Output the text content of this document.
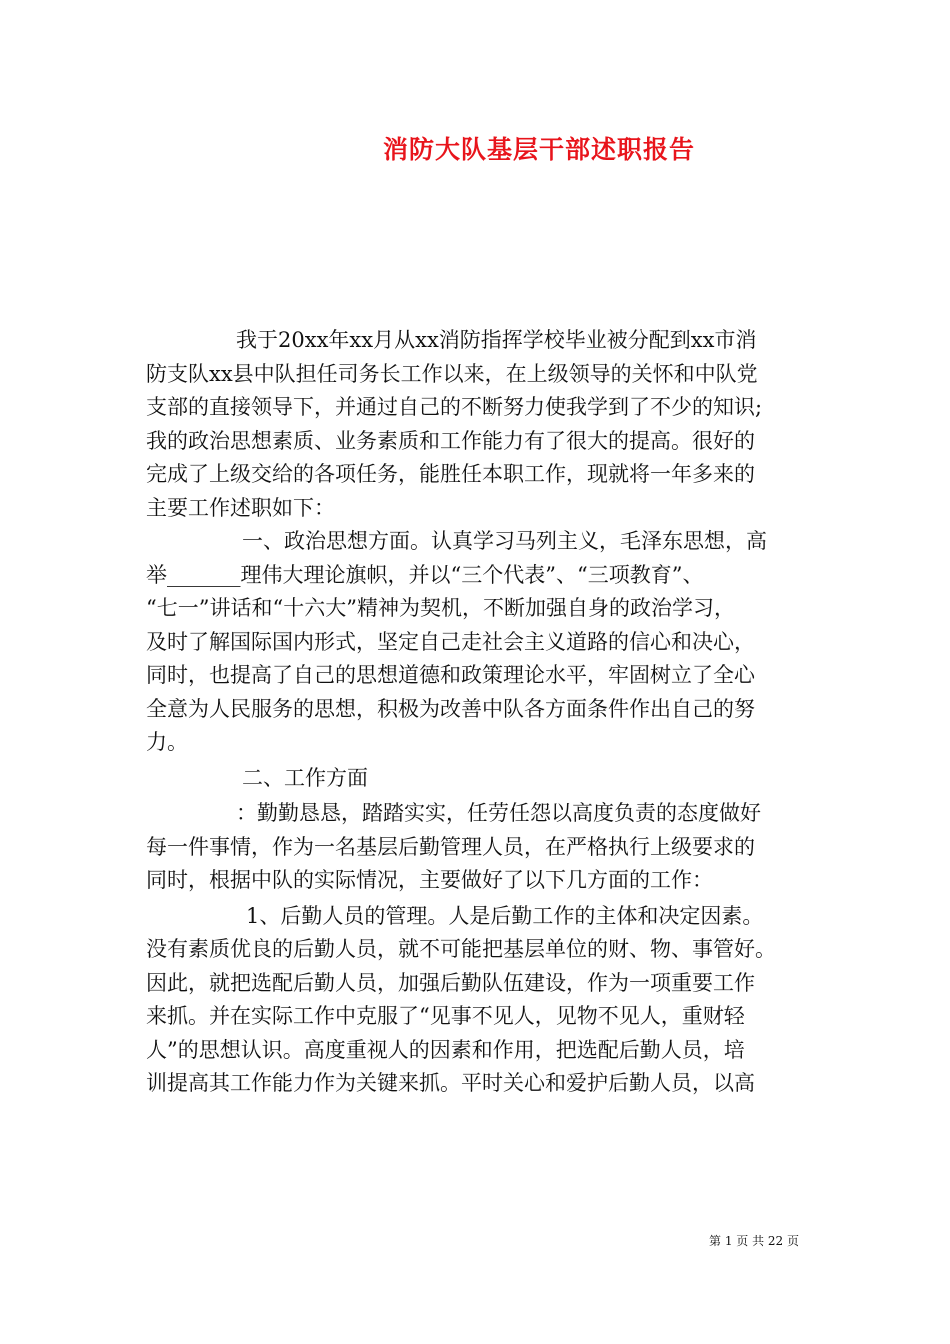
消防大队基层干部述职报告
我于20xx年xx月从xx消防指挥学校毕业被分配到xx市消
防支队xx县中队担任司务长工作以来，在上级领导的关怀和中队党
支部的直接领导下，并通过自己的不断努力使我学到了不少的知识;
我的政治思想素质、业务素质和工作能力有了很大的提高。很好的
完成了上级交给的各项任务，能胜任本职工作，现就将一年多来的
主要工作述职如下：
一、政治思想方面。认真学习马列主义，毛泽东思想，高
举_______理伟大理论旗帜，并以“三个代表”、“三项教育”、
“七一”讲话和“十六大”精神为契机，不断加强自身的政治学习，
及时了解国际国内形式，坚定自己走社会主义道路的信心和决心，
同时，也提高了自己的思想道德和政策理论水平，牢固树立了全心
全意为人民服务的思想，积极为改善中队各方面条件作出自己的努
力。
二、工作方面
：勤勤恳恳，踏踏实实，任劳任怨以高度负责的态度做好
每一件事情，作为一名基层后勤管理人员，在严格执行上级要求的
同时，根据中队的实际情况，主要做好了以下几方面的工作：
1、后勤人员的管理。人是后勤工作的主体和决定因素。
没有素质优良的后勤人员，就不可能把基层单位的财、物、事管好。
因此，就把选配后勤人员，加强后勤队伍建设，作为一项重要工作
来抓。并在实际工作中克服了“见事不见人，见物不见人，重财轻
人”的思想认识。高度重视人的因素和作用，把选配后勤人员，培
训提高其工作能力作为关键来抓。平时关心和爱护后勤人员，以高
第 1 页 共 22 页
